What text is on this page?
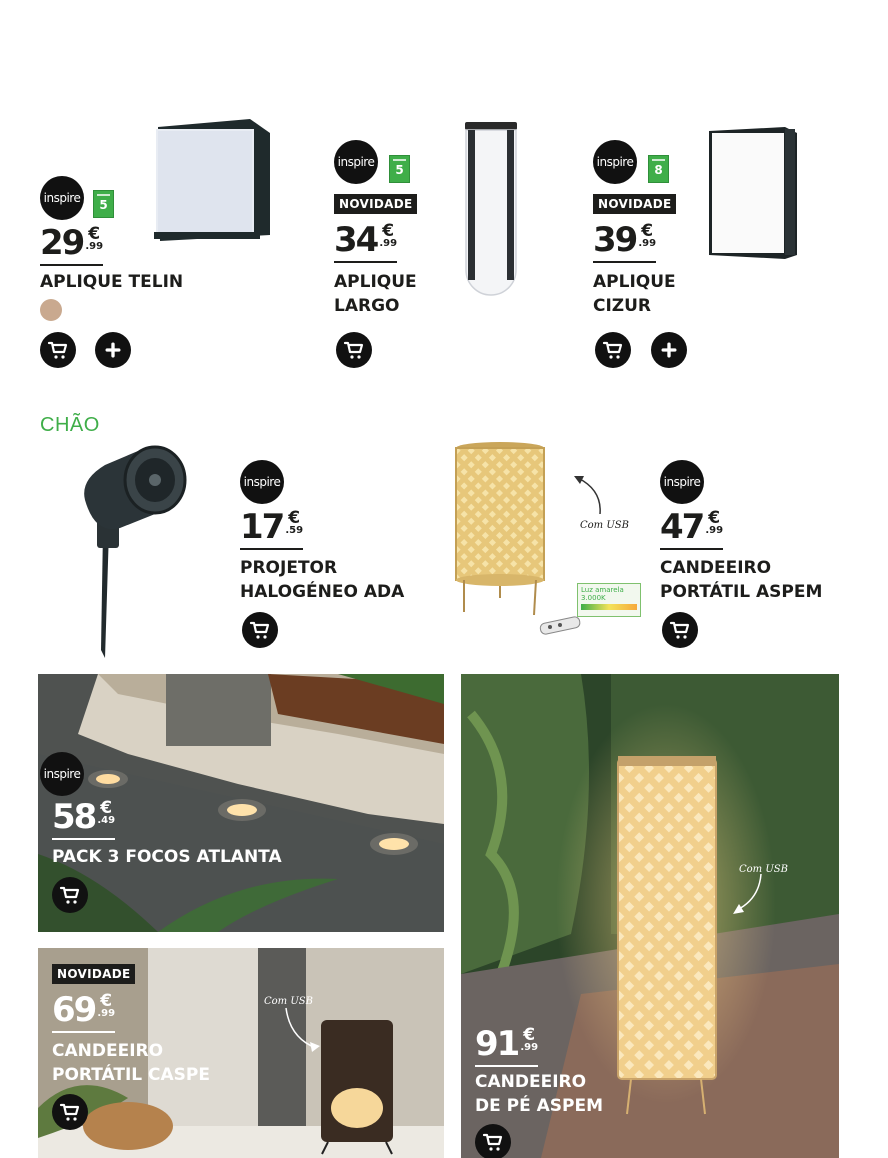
inspire	5
29 €
.99
APLIQUE TELIN
inspire
5
NOVIDADE
34 €
.99
APLIQUE
LARGO
inspire
8
NOVIDADE
39 €
.99
APLIQUE
CIZUR
CHÃO
inspire
17 €
.59
PROJETOR
HALOGÉNEO ADA
Com USB
Luz amarela
3.000K
inspire
47 €
.99
CANDEEIRO
PORTÁTIL ASPEM
inspire
58 €
.49
PACK 3 FOCOS ATLANTA
Com USB
NOVIDADE
69 €
.99
CANDEEIRO
PORTÁTIL CASPE
Com USB
91 €
.99
CANDEEIRO
DE PÉ ASPEM
